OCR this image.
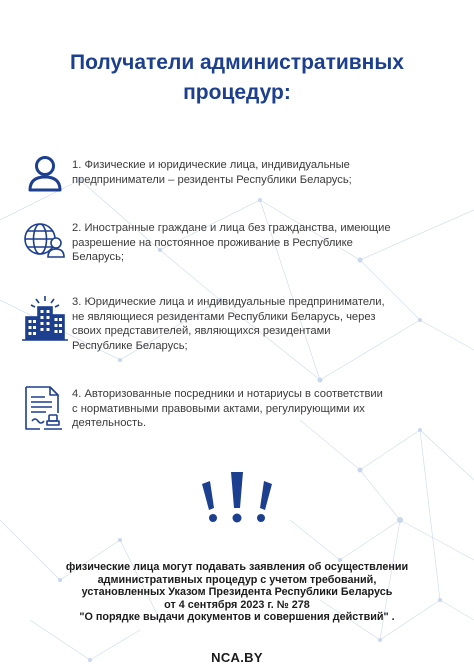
Получатели административных
процедур:
1. Физические и юридические лица, индивидуальные
предприниматели – резиденты Республики Беларусь;
2. Иностранные граждане и лица без гражданства, имеющие
разрешение на постоянное проживание в Республике
Беларусь;
3. Юридические лица и индивидуальные предприниматели,
не являющиеся резидентами Республики Беларусь, через
своих представителей, являющихся резидентами
Республике Беларусь;
4. Авторизованные посредники и нотариусы в соответствии
с нормативными правовыми актами, регулирующими их
деятельность.
физические лица могут подавать заявления об осуществлении
административных процедур с учетом требований,
установленных Указом Президента Республики Беларусь
от 4 сентября 2023 г. № 278
"О порядке выдачи документов и совершения действий" .
NCA.BY
